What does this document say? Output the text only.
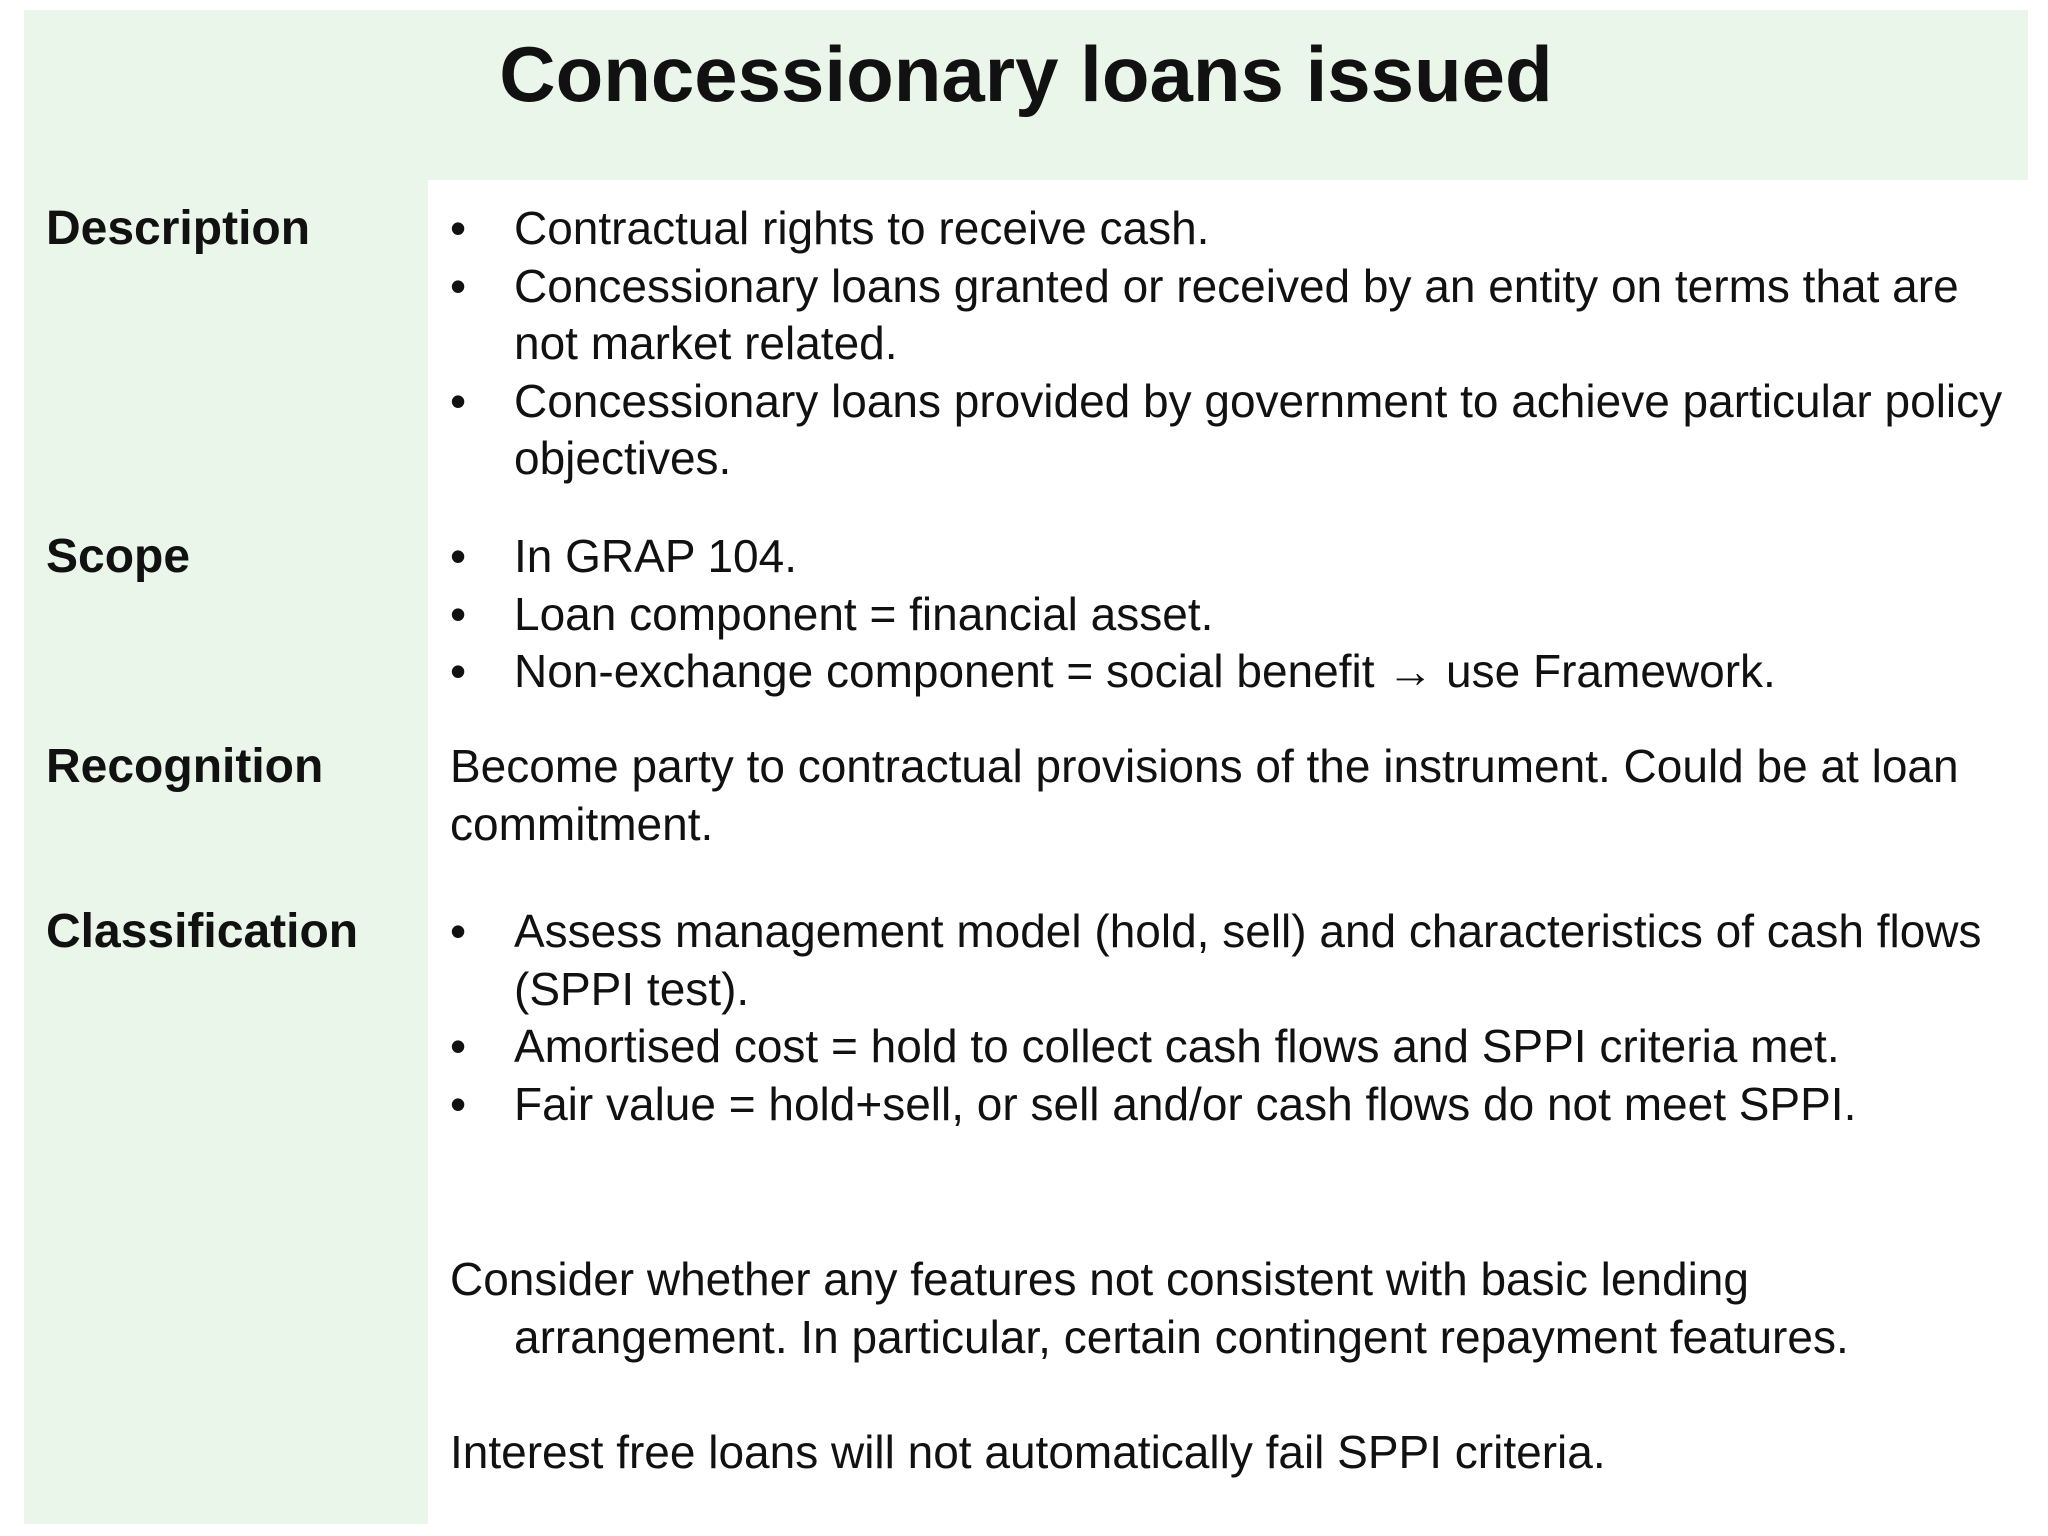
Concessionary loans issued
Description	•	Contractual rights to receive cash.
•	Concessionary loans granted or received by an entity on terms that are not market related.
•	Concessionary loans provided by government to achieve particular policy objectives.
Scope	•	In GRAP 104.
•	Loan component = financial asset.
•	Non-exchange component = social benefit → use Framework.
Recognition	Become party to contractual provisions of the instrument. Could be at loan commitment.

Classification •	Assess management model (hold, sell) and characteristics of cash flows (SPPI test).
•	Amortised cost = hold to collect cash flows and SPPI criteria met.
•	Fair value = hold+sell, or sell and/or cash flows do not meet SPPI.

Consider whether any features not consistent with basic lending arrangement. In particular, certain contingent repayment features.

Interest free loans will not automatically fail SPPI criteria.
